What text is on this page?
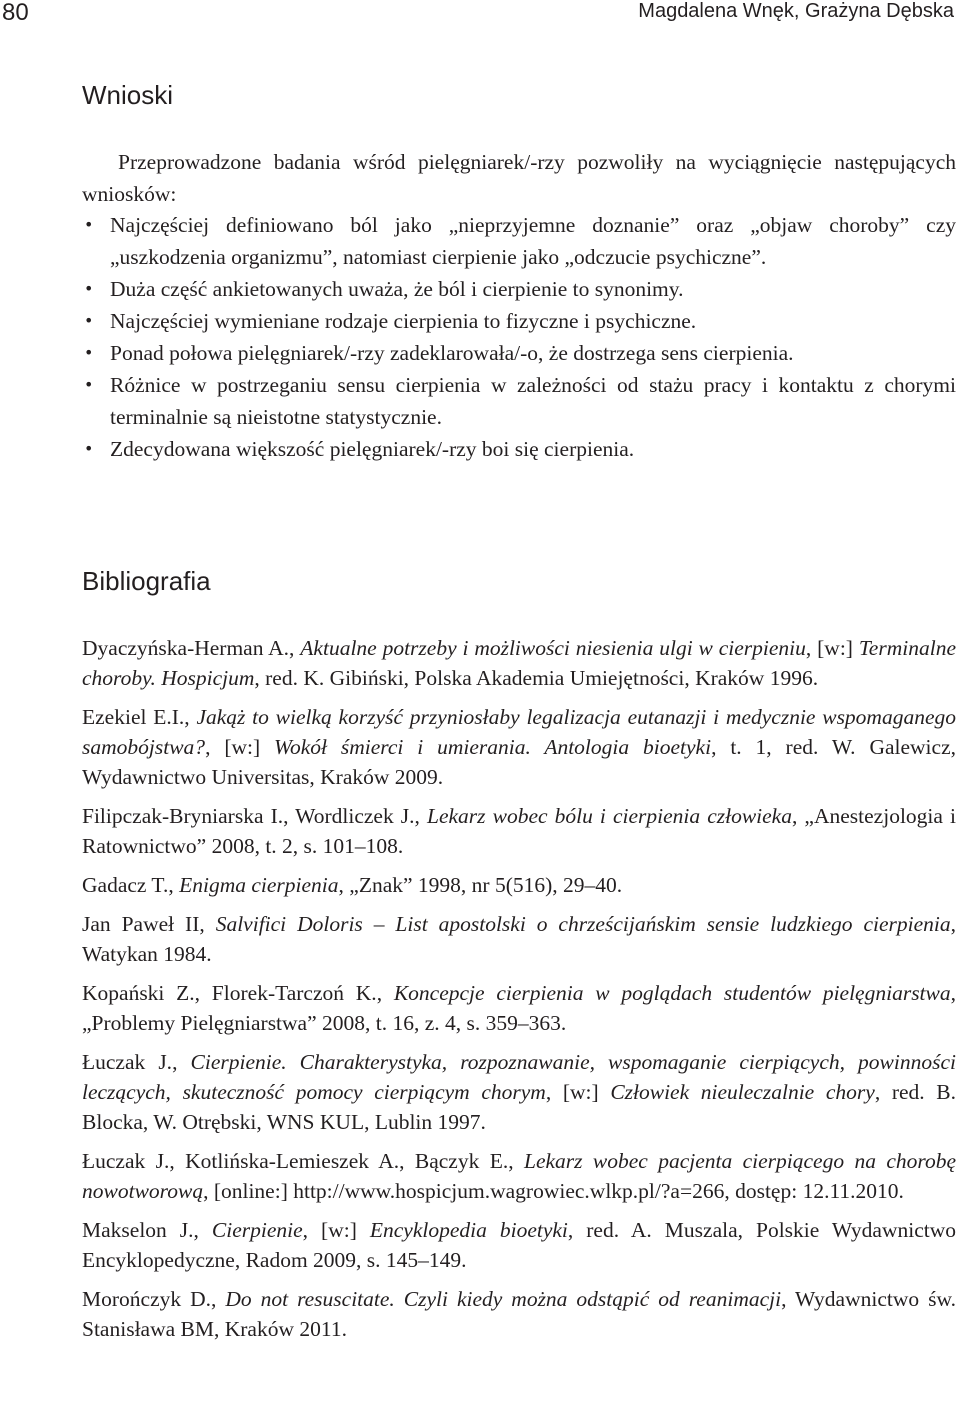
80	Magdalena Wnęk, Grażyna Dębska
Wnioski

Przeprowadzone badania wśród pielęgniarek/-rzy pozwoliły na wyciągnięcie następujących wniosków:

• Najczęściej definiowano ból jako „nieprzyjemne doznanie” oraz „objaw choroby” czy „uszkodzenia organizmu”, natomiast cierpienie jako „odczucie psychiczne”.
• Duża część ankietowanych uważa, że ból i cierpienie to synonimy.
• Najczęściej wymieniane rodzaje cierpienia to fizyczne i psychiczne.
• Ponad połowa pielęgniarek/-rzy zadeklarowała/-o, że dostrzega sens cierpienia.
• Różnice w postrzeganiu sensu cierpienia w zależności od stażu pracy i kontaktu z chorymi terminalnie są nieistotne statystycznie.
• Zdecydowana większość pielęgniarek/-rzy boi się cierpienia.
Bibliografia

Dyaczyńska-Herman A., Aktualne potrzeby i możliwości niesienia ulgi w cierpieniu, [w:] Terminalne choroby. Hospicjum, red. K. Gibiński, Polska Akademia Umiejętności, Kraków 1996.

Ezekiel E.I., Jakąż to wielką korzyść przyniosłaby legalizacja eutanazji i medycznie wspomaganego samobójstwa?, [w:] Wokół śmierci i umierania. Antologia bioetyki, t. 1, red. W. Galewicz, Wydawnictwo Universitas, Kraków 2009.

Filipczak-Bryniarska I., Wordliczek J., Lekarz wobec bólu i cierpienia człowieka, „Anestezjologia i Ratownictwo” 2008, t. 2, s. 101–108.

Gadacz T., Enigma cierpienia, „Znak” 1998, nr 5(516), 29–40.

Jan Paweł II, Salvifici Doloris – List apostolski o chrześcijańskim sensie ludzkiego cierpienia, Watykan 1984.

Kopański Z., Florek-Tarczoń K., Koncepcje cierpienia w poglądach studentów pielęgniarstwa, „Problemy Pielęgniarstwa” 2008, t. 16, z. 4, s. 359–363.

Łuczak J., Cierpienie. Charakterystyka, rozpoznawanie, wspomaganie cierpiących, powinności leczących, skuteczność pomocy cierpiącym chorym, [w:] Człowiek nieuleczalnie chory, red. B. Blocka, W. Otrębski, WNS KUL, Lublin 1997.

Łuczak J., Kotlińska-Lemieszek A., Bączyk E., Lekarz wobec pacjenta cierpiącego na chorobę nowotworową, [online:] http://www.hospicjum.wagrowiec.wlkp.pl/?a=266, dostęp: 12.11.2010.

Makselon J., Cierpienie, [w:] Encyklopedia bioetyki, red. A. Muszala, Polskie Wydawnictwo Encyklopedyczne, Radom 2009, s. 145–149.

Morończyk D., Do not resuscitate. Czyli kiedy można odstąpić od reanimacji, Wydawnictwo św. Stanisława BM, Kraków 2011.
